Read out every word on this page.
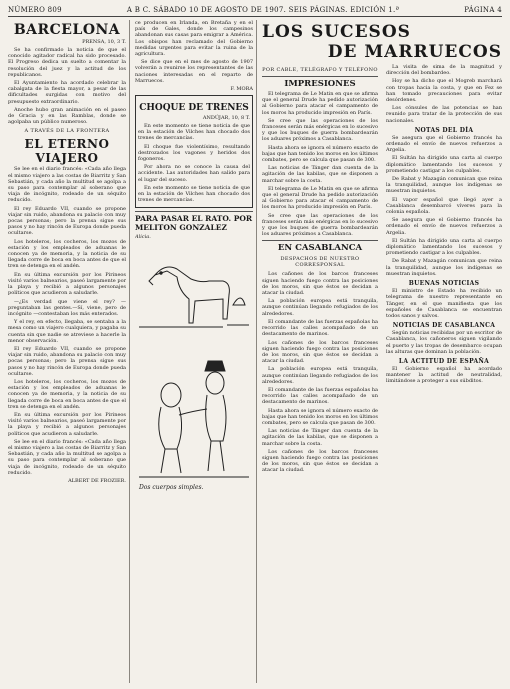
NÚMERO 809	A B C. SÁBADO 10 DE AGOSTO DE 1907. SEIS PÁGINAS. EDICIÓN 1.ª	PÁGINA 4
BARCELONA
PRENSA, 10, 3 T.

Se ha confirmado la noticia de que el conocido agitador radical ha sido procesado. El Progreso dedica un suelto a comentar la resolución del juez y la actitud de los republicanos.

El Ayuntamiento ha acordado celebrar la cabalgata de la fiesta mayor, a pesar de las dificultades surgidas con motivo del presupuesto extraordinario.

Anoche hubo gran animación en el paseo de Gracia y en las Ramblas, donde se agolpaba un público numeroso.

A TRAVÉS DE LA FRONTERA
EL ETERNO VIAJERO

Se lee en el diario francés: «Cada año llega el mismo viajero a las costas de Biarritz y San Sebastián, y cada año la multitud se agolpa a su paso para contemplar al soberano que viaja de incógnito, rodeado de un séquito reducido.

El rey Eduardo VII, cuando se propone viajar sin ruido, abandona su palacio con muy pocas personas; pero la prensa sigue sus pasos y no hay rincón de Europa donde pueda ocultarse.

Los hoteleros, los cocheros, los mozos de estación y los empleados de aduanas le conocen ya de memoria, y la noticia de su llegada corre de boca en boca antes de que el tren se detenga en el andén.

En su última excursión por los Pirineos visitó varios balnearios, paseó largamente por la playa y recibió a algunos personajes políticos que acudieron a saludarle.

—¿Es verdad que viene el rey? —preguntaban las gentes.—Sí, viene, pero de incógnito —contestaban los más enterados.

Y el rey, en efecto, llegaba, se sentaba a la mesa como un viajero cualquiera, y pagaba su cuenta sin que nadie se atreviese a hacerle la menor observación.

El rey Eduardo VII, cuando se propone viajar sin ruido, abandona su palacio con muy pocas personas; pero la prensa sigue sus pasos y no hay rincón de Europa donde pueda ocultarse.

Los hoteleros, los cocheros, los mozos de estación y los empleados de aduanas le conocen ya de memoria, y la noticia de su llegada corre de boca en boca antes de que el tren se detenga en el andén.

En su última excursión por los Pirineos visitó varios balnearios, paseó largamente por la playa y recibió a algunos personajes políticos que acudieron a saludarle.

Se lee en el diario francés: «Cada año llega el mismo viajero a las costas de Biarritz y San Sebastián, y cada año la multitud se agolpa a su paso para contemplar al soberano que viaja de incógnito, rodeado de un séquito reducido.

ALBERT DE FROZIER.

ce producen en Irlanda, en Bretaña y en el país de Gales, donde los campesinos abandonan sus casas para emigrar a América. Los obispos han reclamado del Gobierno medidas urgentes para evitar la ruina de la agricultura.

Se dice que en el mes de agosto de 1907 volverán a reunirse los representantes de las naciones interesadas en el reparto de Marruecos.

F. MORA
CHOQUE DE TRENES
ANDÚJAR, 10, 8 T.

En este momento se tiene noticia de que en la estación de Vilches han chocado dos trenes de mercancías.

El choque fue violentísimo, resultando destrozados los vagones y heridos dos fogoneros.

Por ahora no se conoce la causa del accidente. Las autoridades han salido para el lugar del suceso.

En este momento se tiene noticia de que en la estación de Vilches han chocado dos trenes de mercancías.

PARA PASAR EL RATO. POR MELITON GONZALEZ
Alicia.
Dos cuerpos simples.
LOS SUCESOS
DE MARRUECOS
POR CABLE, TELÉGRAFO Y TELÉFONO
IMPRESIONES

El telegrama de Le Matin en que se afirma que el general Drude ha pedido autorización al Gobierno para atacar el campamento de los moros ha producido impresión en París.

Se cree que las operaciones de los franceses serán más enérgicas en lo sucesivo y que los buques de guerra bombardearán los aduares próximos a Casablanca.

Hasta ahora se ignora el número exacto de bajas que han tenido los moros en los últimos combates, pero se calcula que pasan de 300.

Las noticias de Tánger dan cuenta de la agitación de las kabilas, que se disponen a marchar sobre la costa.

El telegrama de Le Matin en que se afirma que el general Drude ha pedido autorización al Gobierno para atacar el campamento de los moros ha producido impresión en París.

Se cree que las operaciones de los franceses serán más enérgicas en lo sucesivo y que los buques de guerra bombardearán los aduares próximos a Casablanca.

EN CASABLANCA
DESPACHOS DE NUESTRO CORRESPONSAL

Los cañones de los barcos franceses siguen haciendo fuego contra las posiciones de los moros, sin que éstos se decidan a atacar la ciudad.

La población europea está tranquila, aunque continúan llegando refugiados de los alrededores.

El comandante de las fuerzas españolas ha recorrido las calles acompañado de un destacamento de marinos.

Los cañones de los barcos franceses siguen haciendo fuego contra las posiciones de los moros, sin que éstos se decidan a atacar la ciudad.

La población europea está tranquila, aunque continúan llegando refugiados de los alrededores.

El comandante de las fuerzas españolas ha recorrido las calles acompañado de un destacamento de marinos.

Hasta ahora se ignora el número exacto de bajas que han tenido los moros en los últimos combates, pero se calcula que pasan de 300.

Las noticias de Tánger dan cuenta de la agitación de las kabilas, que se disponen a marchar sobre la costa.

Los cañones de los barcos franceses siguen haciendo fuego contra las posiciones de los moros, sin que éstos se decidan a atacar la ciudad.

La visita de sima de la magnitud y dirección del bombardeo.

Hoy se ha dicho que el Mogreb marchará con tropas hacia la costa, y que en Fez se han tomado precauciones para evitar desórdenes.

Los cónsules de las potencias se han reunido para tratar de la protección de sus nacionales.

NOTAS DEL DÍA

Se asegura que el Gobierno francés ha ordenado el envío de nuevos refuerzos a Argelia.

El Sultán ha dirigido una carta al cuerpo diplomático lamentando los sucesos y prometiendo castigar a los culpables.

De Rabat y Mazagán comunican que reina la tranquilidad, aunque los indígenas se muestran inquietos.

El vapor español que llegó ayer a Casablanca desembarcó víveres para la colonia española.

Se asegura que el Gobierno francés ha ordenado el envío de nuevos refuerzos a Argelia.

El Sultán ha dirigido una carta al cuerpo diplomático lamentando los sucesos y prometiendo castigar a los culpables.

De Rabat y Mazagán comunican que reina la tranquilidad, aunque los indígenas se muestran inquietos.

BUENAS NOTICIAS

El ministro de Estado ha recibido un telegrama de nuestro representante en Tánger, en el que manifiesta que los españoles de Casablanca se encuentran todos sanos y salvos.

NOTICIAS DE CASABLANCA

Según noticias recibidas por un escritor de Casablanca, los cañoneros siguen vigilando el puerto y las tropas de desembarco ocupan las alturas que dominan la población.

LA ACTITUD DE ESPAÑA

El Gobierno español ha acordado mantener la actitud de neutralidad, limitándose a proteger a sus súbditos.
